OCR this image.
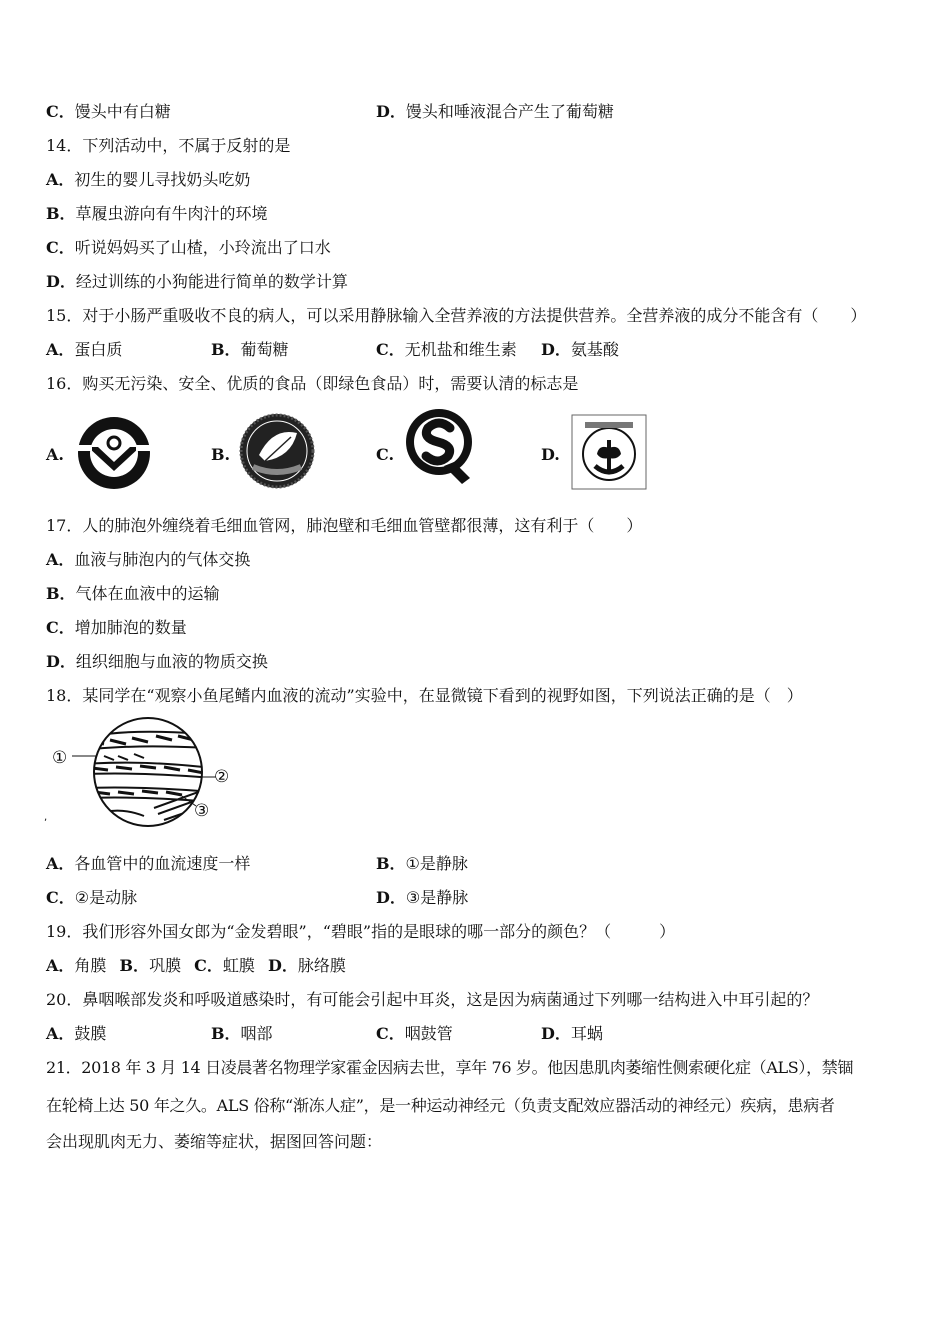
C．馒头中有白糖	D．馒头和唾液混合产生了葡萄糖
14．下列活动中，不属于反射的是
A．初生的婴儿寻找奶头吃奶
B．草履虫游向有牛肉汁的环境
C．听说妈妈买了山楂，小玲流出了口水
D．经过训练的小狗能进行简单的数学计算
15．对于小肠严重吸收不良的病人，可以采用静脉输入全营养液的方法提供营养。全营养液的成分不能含有（　　）
A．蛋白质	B．葡萄糖	C．无机盐和维生素 D．氨基酸
16．购买无污染、安全、优质的食品（即绿色食品）时，需要认清的标志是
A.	B.	C.	D.
17．人的肺泡外缠绕着毛细血管网，肺泡壁和毛细血管壁都很薄，这有利于（　　）
A．血液与肺泡内的气体交换
B．气体在血液中的运输
C．增加肺泡的数量
D．组织细胞与血液的物质交换
18．某同学在“观察小鱼尾鳍内血液的流动”实验中，在显微镜下看到的视野如图，下列说法正确的是（　）
,
①
②
③
A．各血管中的血流速度一样	B．①是静脉
C．②是动脉	D．③是静脉
19．我们形容外国女郎为“金发碧眼”，“碧眼”指的是眼球的哪一部分的颜色？（　　　）
A．角膜 B．巩膜 C．虹膜 D．脉络膜
20．鼻咽喉部发炎和呼吸道感染时，有可能会引起中耳炎，这是因为病菌通过下列哪一结构进入中耳引起的？
A．鼓膜	B．咽部	C．咽鼓管	D．耳蜗
21．2018 年 3 月 14 日凌晨著名物理学家霍金因病去世，享年 76 岁。他因患肌肉萎缩性侧索硬化症（ALS），禁锢
在轮椅上达 50 年之久。ALS 俗称“渐冻人症”，是一种运动神经元（负责支配效应器活动的神经元）疾病，患病者
会出现肌肉无力、萎缩等症状，据图回答问题：
